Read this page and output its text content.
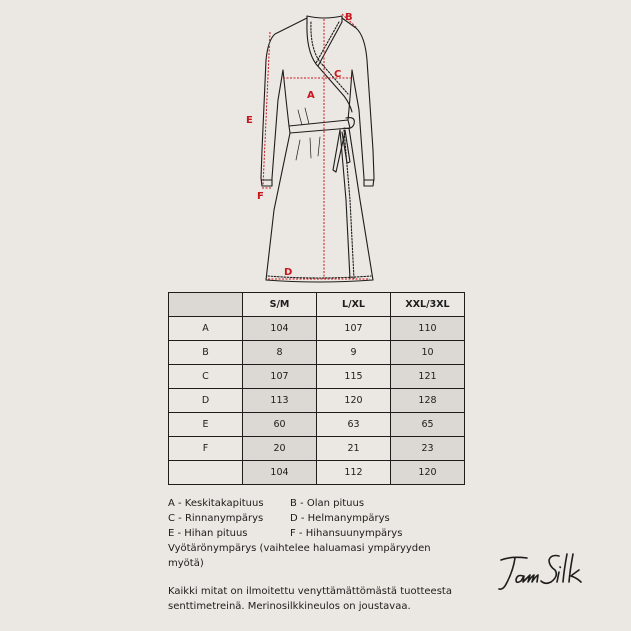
B
C
A
E
F
D
	S/M	L/XL	XXL/3XL
A	104	107	110
B	8	9	10
C	107	115	121
D	113	120	128
E	60	63	65
F	20	21	23
	104	112	120
A - Keskitakapituus	B - Olan pituus
C - Rinnanympärys	D - Helmanympärys
E - Hihan pituus	F - Hihansuunympärys
Vyötärönympärys (vaihtelee haluamasi ympäryyden myötä)
Kaikki mitat on ilmoitettu venyttämättömästä tuotteesta senttimetreinä. Merinosilkkineulos on joustavaa.
